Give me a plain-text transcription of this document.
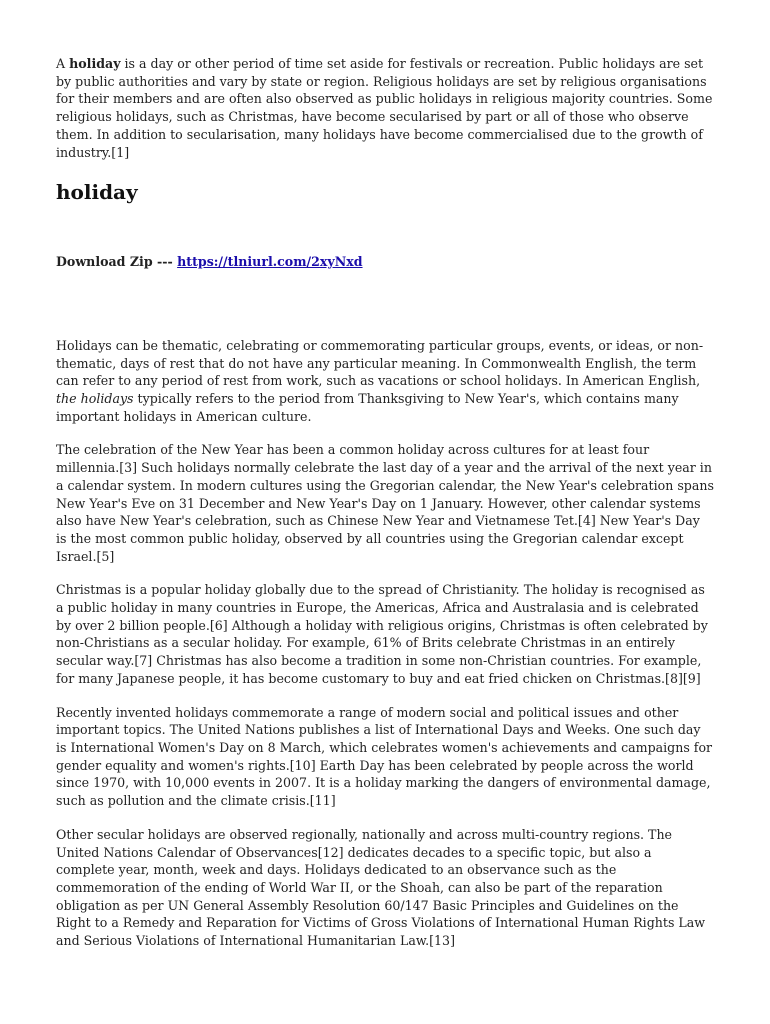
A holiday is a day or other period of time set aside for festivals or recreation. Public holidays are set by public authorities and vary by state or region. Religious holidays are set by religious organisations for their members and are often also observed as public holidays in religious majority countries. Some religious holidays, such as Christmas, have become secularised by part or all of those who observe them. In addition to secularisation, many holidays have become commercialised due to the growth of industry.[1]

holiday

Download Zip --- https://tlniurl.com/2xyNxd

Holidays can be thematic, celebrating or commemorating particular groups, events, or ideas, or non-thematic, days of rest that do not have any particular meaning. In Commonwealth English, the term can refer to any period of rest from work, such as vacations or school holidays. In American English, the holidays typically refers to the period from Thanksgiving to New Year's, which contains many important holidays in American culture.

The celebration of the New Year has been a common holiday across cultures for at least four millennia.[3] Such holidays normally celebrate the last day of a year and the arrival of the next year in a calendar system. In modern cultures using the Gregorian calendar, the New Year's celebration spans New Year's Eve on 31 December and New Year's Day on 1 January. However, other calendar systems also have New Year's celebration, such as Chinese New Year and Vietnamese Tet.[4] New Year's Day is the most common public holiday, observed by all countries using the Gregorian calendar except Israel.[5]

Christmas is a popular holiday globally due to the spread of Christianity. The holiday is recognised as a public holiday in many countries in Europe, the Americas, Africa and Australasia and is celebrated by over 2 billion people.[6] Although a holiday with religious origins, Christmas is often celebrated by non-Christians as a secular holiday. For example, 61% of Brits celebrate Christmas in an entirely secular way.[7] Christmas has also become a tradition in some non-Christian countries. For example, for many Japanese people, it has become customary to buy and eat fried chicken on Christmas.[8][9]

Recently invented holidays commemorate a range of modern social and political issues and other important topics. The United Nations publishes a list of International Days and Weeks. One such day is International Women's Day on 8 March, which celebrates women's achievements and campaigns for gender equality and women's rights.[10] Earth Day has been celebrated by people across the world since 1970, with 10,000 events in 2007. It is a holiday marking the dangers of environmental damage, such as pollution and the climate crisis.[11]

Other secular holidays are observed regionally, nationally and across multi-country regions. The United Nations Calendar of Observances[12] dedicates decades to a specific topic, but also a complete year, month, week and days. Holidays dedicated to an observance such as the commemoration of the ending of World War II, or the Shoah, can also be part of the reparation obligation as per UN General Assembly Resolution 60/147 Basic Principles and Guidelines on the Right to a Remedy and Reparation for Victims of Gross Violations of International Human Rights Law and Serious Violations of International Humanitarian Law.[13]
